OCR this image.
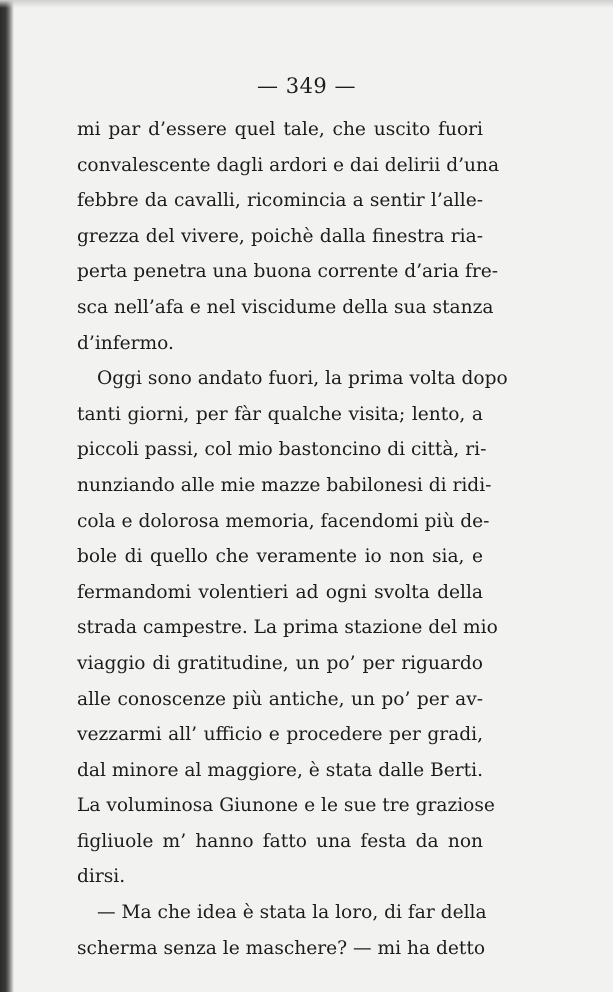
— 349 —
mi par d’essere quel tale, che uscito fuori
convalescente dagli ardori e dai delirii d’una
febbre da cavalli, ricomincia a sentir l’alle-
grezza del vivere, poichè dalla finestra ria-
perta penetra una buona corrente d’aria fre-
sca nell’afa e nel viscidume della sua stanza
d’infermo.
Oggi sono andato fuori, la prima volta dopo
tanti giorni, per fàr qualche visita; lento, a
piccoli passi, col mio bastoncino di città, ri-
nunziando alle mie mazze babilonesi di ridi-
cola e dolorosa memoria, facendomi più de-
bole di quello che veramente io non sia, e
fermandomi volentieri ad ogni svolta della
strada campestre. La prima stazione del mio
viaggio di gratitudine, un po’ per riguardo
alle conoscenze più antiche, un po’ per av-
vezzarmi all’ ufficio e procedere per gradi,
dal minore al maggiore, è stata dalle Berti.
La voluminosa Giunone e le sue tre graziose
figliuole m’ hanno fatto una festa da non
dirsi.
— Ma che idea è stata la loro, di far della
scherma senza le maschere? — mi ha detto
